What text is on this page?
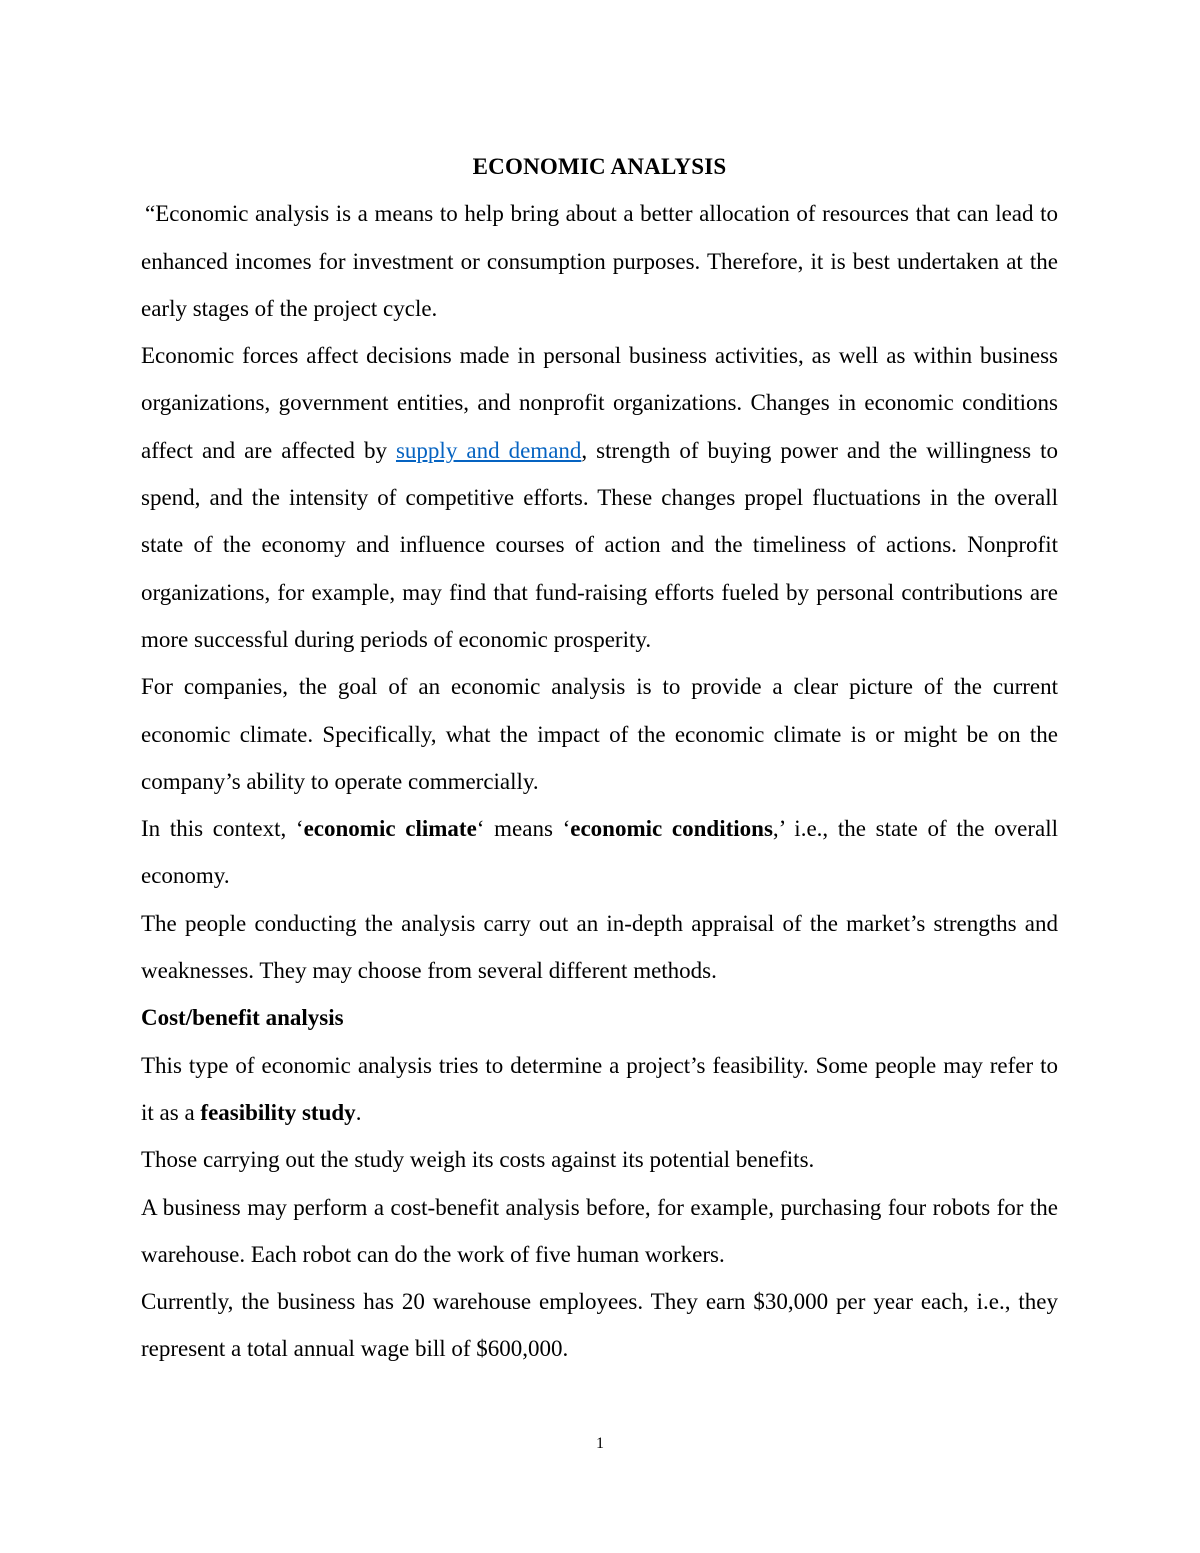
ECONOMIC ANALYSIS

“Economic analysis is a means to help bring about a better allocation of resources that can lead to enhanced incomes for investment or consumption purposes. Therefore, it is best undertaken at the early stages of the project cycle.

Economic forces affect decisions made in personal business activities, as well as within business organizations, government entities, and nonprofit organizations. Changes in economic conditions affect and are affected by supply and demand, strength of buying power and the willingness to spend, and the intensity of competitive efforts. These changes propel fluctuations in the overall state of the economy and influence courses of action and the timeliness of actions. Nonprofit organizations, for example, may find that fund-raising efforts fueled by personal contributions are more successful during periods of economic prosperity.

For companies, the goal of an economic analysis is to provide a clear picture of the current economic climate. Specifically, what the impact of the economic climate is or might be on the company’s ability to operate commercially.

In this context, ‘economic climate‘ means ‘economic conditions,’ i.e., the state of the overall economy.

The people conducting the analysis carry out an in-depth appraisal of the market’s strengths and weaknesses. They may choose from several different methods.

Cost/benefit analysis

This type of economic analysis tries to determine a project’s feasibility. Some people may refer to it as a feasibility study.

Those carrying out the study weigh its costs against its potential benefits.

A business may perform a cost-benefit analysis before, for example, purchasing four robots for the warehouse. Each robot can do the work of five human workers.

Currently, the business has 20 warehouse employees. They earn $30,000 per year each, i.e., they represent a total annual wage bill of $600,000.

1
